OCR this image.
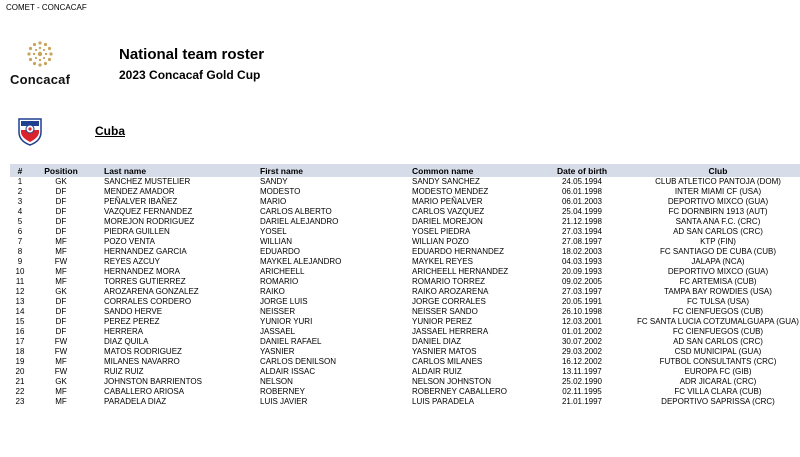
COMET - CONCACAF
Concacaf
National team roster
2023 Concacaf Gold Cup
Cuba
#	Position	Last name	First name	Common name	Date of birth	Club
1	GK	SANCHEZ MUSTELIER	SANDY	SANDY SANCHEZ	24.05.1994	CLUB ATLETICO PANTOJA (DOM)
2	DF	MENDEZ AMADOR	MODESTO	MODESTO MENDEZ	06.01.1998	INTER MIAMI CF (USA)
3	DF	PEÑALVER IBAÑEZ	MARIO	MARIO PEÑALVER	06.01.2003	DEPORTIVO MIXCO (GUA)
4	DF	VAZQUEZ FERNANDEZ	CARLOS ALBERTO	CARLOS VAZQUEZ	25.04.1999	FC DORNBIRN 1913 (AUT)
5	DF	MOREJON RODRIGUEZ	DARIEL ALEJANDRO	DARIEL MOREJON	21.12.1998	SANTA ANA F.C. (CRC)
6	DF	PIEDRA GUILLEN	YOSEL	YOSEL PIEDRA	27.03.1994	AD SAN CARLOS (CRC)
7	MF	POZO VENTA	WILLIAN	WILLIAN POZO	27.08.1997	KTP (FIN)
8	MF	HERNANDEZ GARCIA	EDUARDO	EDUARDO HERNANDEZ	18.02.2003	FC SANTIAGO DE CUBA (CUB)
9	FW	REYES AZCUY	MAYKEL ALEJANDRO	MAYKEL REYES	04.03.1993	JALAPA (NCA)
10	MF	HERNANDEZ MORA	ARICHEELL	ARICHEELL HERNANDEZ	20.09.1993	DEPORTIVO MIXCO (GUA)
11	MF	TORRES GUTIERREZ	ROMARIO	ROMARIO TORREZ	09.02.2005	FC ARTEMISA (CUB)
12	GK	AROZARENA GONZALEZ	RAIKO	RAIKO AROZARENA	27.03.1997	TAMPA BAY ROWDIES (USA)
13	DF	CORRALES CORDERO	JORGE LUIS	JORGE CORRALES	20.05.1991	FC TULSA (USA)
14	DF	SANDO HERVE	NEISSER	NEISSER SANDO	26.10.1998	FC CIENFUEGOS (CUB)
15	DF	PEREZ PEREZ	YUNIOR YURI	YUNIOR PEREZ	12.03.2001	FC SANTA LUCIA COTZUMALGUAPA (GUA)
16	DF	HERRERA	JASSAEL	JASSAEL HERRERA	01.01.2002	FC CIENFUEGOS (CUB)
17	FW	DIAZ QUILA	DANIEL RAFAEL	DANIEL DIAZ	30.07.2002	AD SAN CARLOS (CRC)
18	FW	MATOS RODRIGUEZ	YASNIER	YASNIER MATOS	29.03.2002	CSD MUNICIPAL (GUA)
19	MF	MILANES NAVARRO	CARLOS DENILSON	CARLOS MILANES	16.12.2002	FUTBOL CONSULTANTS (CRC)
20	FW	RUIZ RUIZ	ALDAIR ISSAC	ALDAIR RUIZ	13.11.1997	EUROPA FC (GIB)
21	GK	JOHNSTON BARRIENTOS	NELSON	NELSON JOHNSTON	25.02.1990	ADR JICARAL (CRC)
22	MF	CABALLERO ARIOSA	ROBERNEY	ROBERNEY CABALLERO	02.11.1995	FC VILLA CLARA (CUB)
23	MF	PARADELA DIAZ	LUIS JAVIER	LUIS PARADELA	21.01.1997	DEPORTIVO SAPRISSA (CRC)
